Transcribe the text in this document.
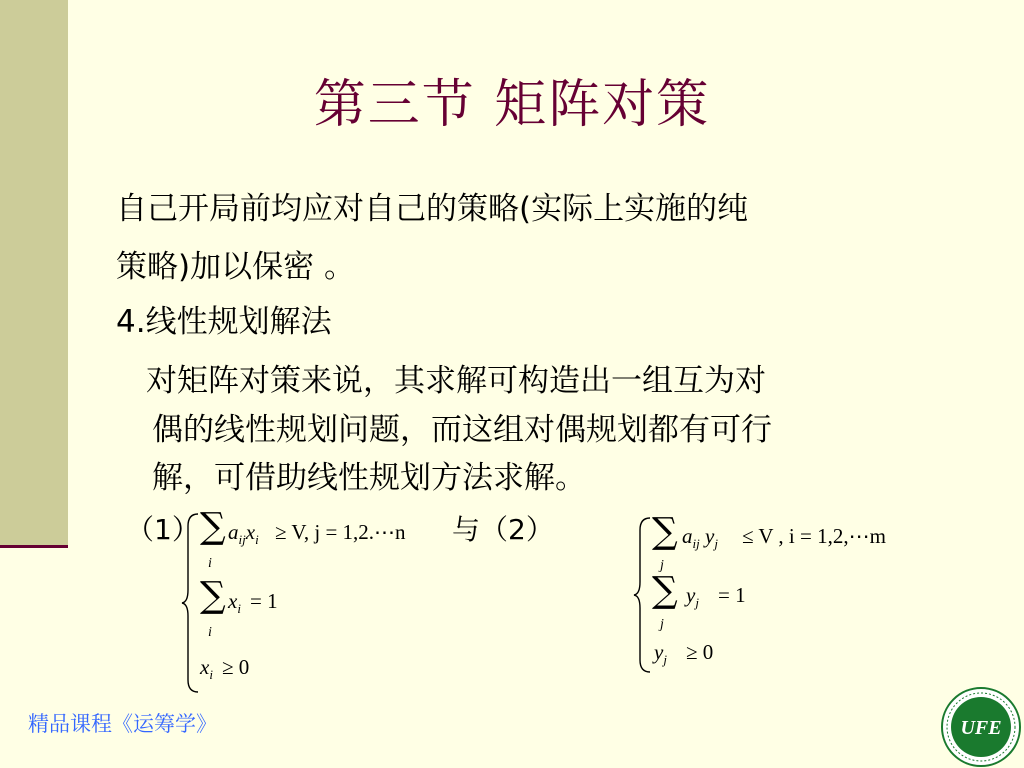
第三节 矩阵对策
自己开局前均应对自己的策略(实际上实施的纯
策略)加以保密 。
4.线性规划解法
对矩阵对策来说，其求解可构造出一组互为对
偶的线性规划问题，而这组对偶规划都有可行
解，可借助线性规划方法求解。
（1） ∑
i
$a_{ij}x_i \ge V$, j = 1,2.⋯n
∑
i
$x_i = 1$
$x_i \ge 0$
与（2）	∑
j
$a_{ij}$ $y_j \le V$ , i = 1,2,⋯m
∑
j
$y_j = 1$
$y_j \ge 0$
精品课程《运筹学》	UFE
